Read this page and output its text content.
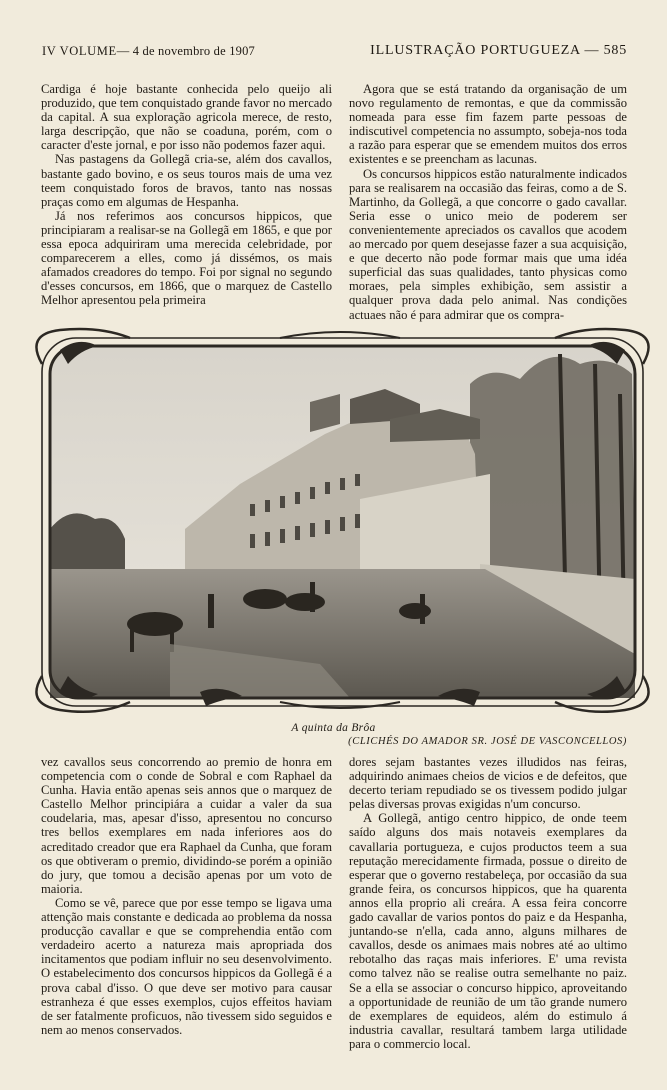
IV VOLUME— 4 de novembro de 1907	ILLUSTRAÇÃO PORTUGUEZA — 585

Cardiga é hoje bastante conhecida pelo queijo ali produzido, que tem conquistado grande favor no mercado da capital. A sua exploração agricola merece, de resto, larga descripção, que não se coaduna, porém, com o caracter d'este jornal, e por isso não podemos fazer aqui.

Nas pastagens da Gollegã cria-se, além dos cavallos, bastante gado bovino, e os seus touros mais de uma vez teem conquistado foros de bravos, tanto nas nossas praças como em algumas de Hespanha.

Já nos referimos aos concursos hippicos, que principiaram a realisar-se na Gollegã em 1865, e que por essa epoca adquiriram uma merecida celebridade, por comparecerem a elles, como já dissémos, os mais afamados creadores do tempo. Foi por signal no segundo d'esses concursos, em 1866, que o marquez de Castello Melhor apresentou pela primeira

Agora que se está tratando da organisação de um novo regulamento de remontas, e que da commissão nomeada para esse fim fazem parte pessoas de indiscutivel competencia no assumpto, sobeja-nos toda a razão para esperar que se emendem muitos dos erros existentes e se preencham as lacunas.

Os concursos hippicos estão naturalmente indicados para se realisarem na occasião das feiras, como a de S. Martinho, da Gollegã, a que concorre o gado cavallar. Seria esse o unico meio de poderem ser convenientemente apreciados os cavallos que acodem ao mercado por quem desejasse fazer a sua acquisição, e que decerto não pode formar mais que uma idéa superficial das suas qualidades, tanto physicas como moraes, pela simples exhibição, sem assistir a qualquer prova dada pelo animal. Nas condições actuaes não é para admirar que os compra-

A quinta da Brôa
(CLICHÉS DO AMADOR SR. JOSÉ DE VASCONCELLOS)

vez cavallos seus concorrendo ao premio de honra em competencia com o conde de Sobral e com Raphael da Cunha. Havia então apenas seis annos que o marquez de Castello Melhor principiára a cuidar a valer da sua coudelaria, mas, apesar d'isso, apresentou no concurso tres bellos exemplares em nada inferiores aos do acreditado creador que era Raphael da Cunha, que foram os que obtiveram o premio, dividindo-se porém a opinião do jury, que tomou a decisão apenas por um voto de maioria.

Como se vê, parece que por esse tempo se ligava uma attenção mais constante e dedicada ao problema da nossa producção cavallar e que se comprehendia então com verdadeiro acerto a natureza mais apropriada dos incitamentos que podiam influir no seu desenvolvimento. O estabelecimento dos concursos hippicos da Gollegã é a prova cabal d'isso. O que deve ser motivo para causar estranheza é que esses exemplos, cujos effeitos haviam de ser fatalmente proficuos, não tivessem sido seguidos e nem ao menos conservados.

dores sejam bastantes vezes illudidos nas feiras, adquirindo animaes cheios de vicios e de defeitos, que decerto teriam repudiado se os tivessem podido julgar pelas diversas provas exigidas n'um concurso.

A Gollegã, antigo centro hippico, de onde teem saído alguns dos mais notaveis exemplares da cavallaria portugueza, e cujos productos teem a sua reputação merecidamente firmada, possue o direito de esperar que o governo restabeleça, por occasião da sua grande feira, os concursos hippicos, que ha quarenta annos ella proprio ali creára. A essa feira concorre gado cavallar de varios pontos do paiz e da Hespanha, juntando-se n'ella, cada anno, alguns milhares de cavallos, desde os animaes mais nobres até ao ultimo rebotalho das raças mais inferiores. E' uma revista como talvez não se realise outra semelhante no paiz. Se a ella se associar o concurso hippico, aproveitando a opportunidade de reunião de um tão grande numero de exemplares de equideos, além do estimulo á industria cavallar, resultará tambem larga utilidade para o commercio local.
